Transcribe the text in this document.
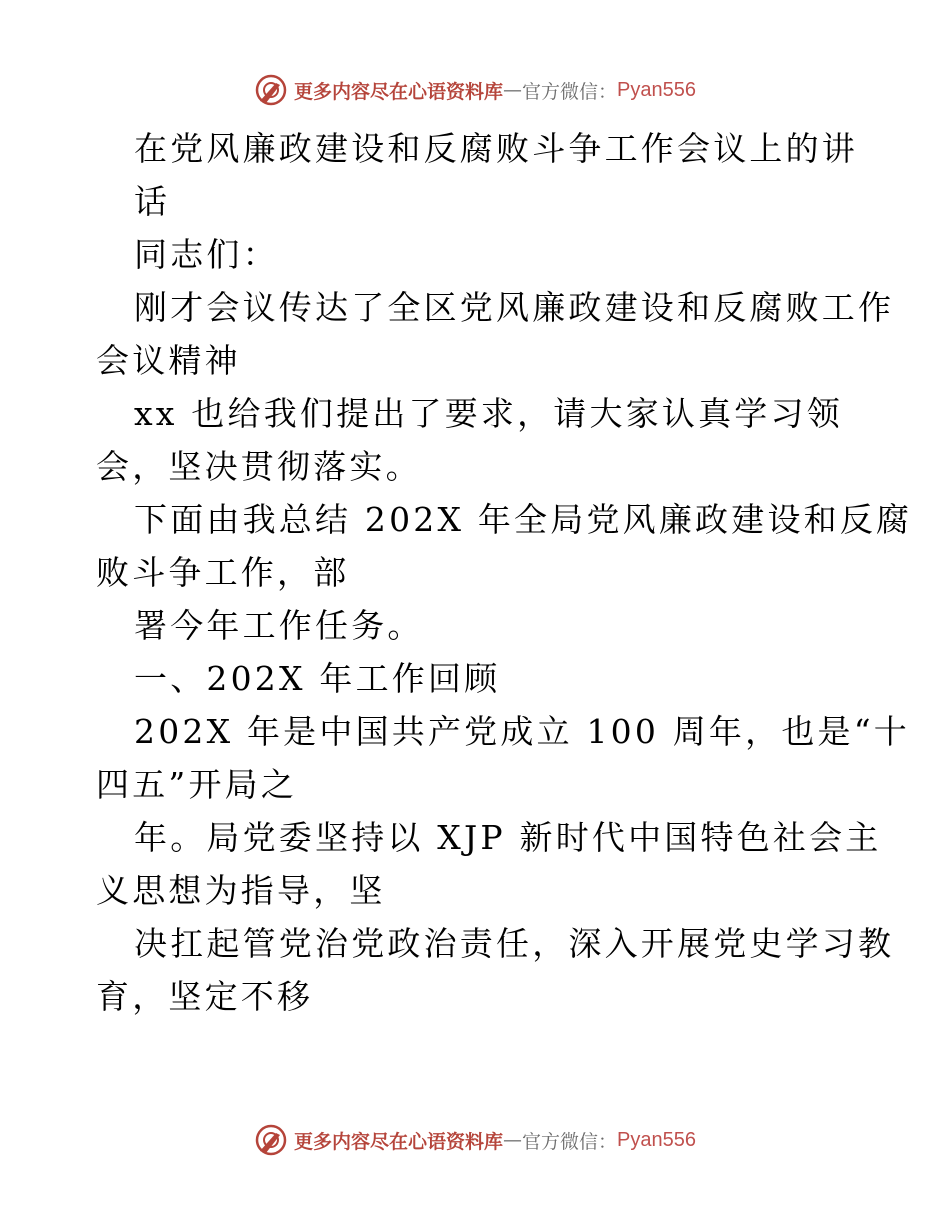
更多内容尽在心语资料库 — 官方微信： Pyan556
在党风廉政建设和反腐败斗争工作会议上的讲
话
同志们：
刚才会议传达了全区党风廉政建设和反腐败工作
会议精神
xx 也给我们提出了要求，请大家认真学习领
会，坚决贯彻落实。
下面由我总结 202X 年全局党风廉政建设和反腐
败斗争工作，部
署今年工作任务。
一、202X 年工作回顾
202X 年是中国共产党成立 100 周年，也是“十
四五”开局之
年。局党委坚持以 XJP 新时代中国特色社会主
义思想为指导，坚
决扛起管党治党政治责任，深入开展党史学习教
育，坚定不移
更多内容尽在心语资料库 — 官方微信： Pyan556
